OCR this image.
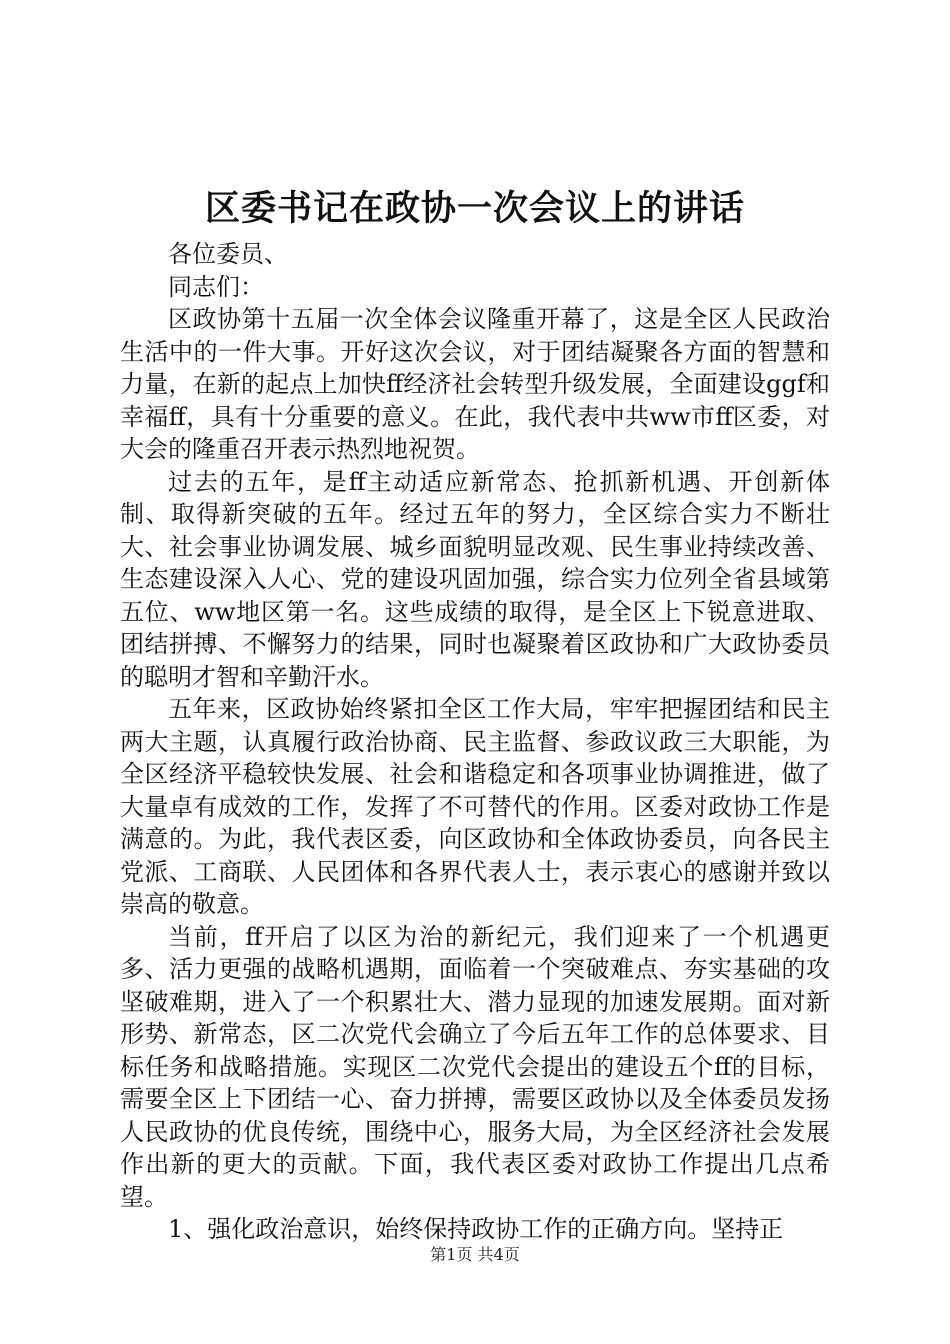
区委书记在政协一次会议上的讲话

各位委员、

同志们：

区政协第十五届一次全体会议隆重开幕了，这是全区人民政治生活中的一件大事。开好这次会议，对于团结凝聚各方面的智慧和力量，在新的起点上加快ff经济社会转型升级发展，全面建设ggf和幸福ff，具有十分重要的意义。在此，我代表中共ww市ff区委，对大会的隆重召开表示热烈地祝贺。

过去的五年，是ff主动适应新常态、抢抓新机遇、开创新体制、取得新突破的五年。经过五年的努力，全区综合实力不断壮大、社会事业协调发展、城乡面貌明显改观、民生事业持续改善、生态建设深入人心、党的建设巩固加强，综合实力位列全省县域第五位、ww地区第一名。这些成绩的取得，是全区上下锐意进取、团结拼搏、不懈努力的结果，同时也凝聚着区政协和广大政协委员的聪明才智和辛勤汗水。

五年来，区政协始终紧扣全区工作大局，牢牢把握团结和民主两大主题，认真履行政治协商、民主监督、参政议政三大职能，为全区经济平稳较快发展、社会和谐稳定和各项事业协调推进，做了大量卓有成效的工作，发挥了不可替代的作用。区委对政协工作是满意的。为此，我代表区委，向区政协和全体政协委员，向各民主党派、工商联、人民团体和各界代表人士，表示衷心的感谢并致以崇高的敬意。

当前，ff开启了以区为治的新纪元，我们迎来了一个机遇更多、活力更强的战略机遇期，面临着一个突破难点、夯实基础的攻坚破难期，进入了一个积累壮大、潜力显现的加速发展期。面对新形势、新常态，区二次党代会确立了今后五年工作的总体要求、目标任务和战略措施。实现区二次党代会提出的建设五个ff的目标，需要全区上下团结一心、奋力拼搏，需要区政协以及全体委员发扬人民政协的优良传统，围绕中心，服务大局，为全区经济社会发展作出新的更大的贡献。下面，我代表区委对政协工作提出几点希望。

1、强化政治意识，始终保持政协工作的正确方向。坚持正

第1页 共4页
